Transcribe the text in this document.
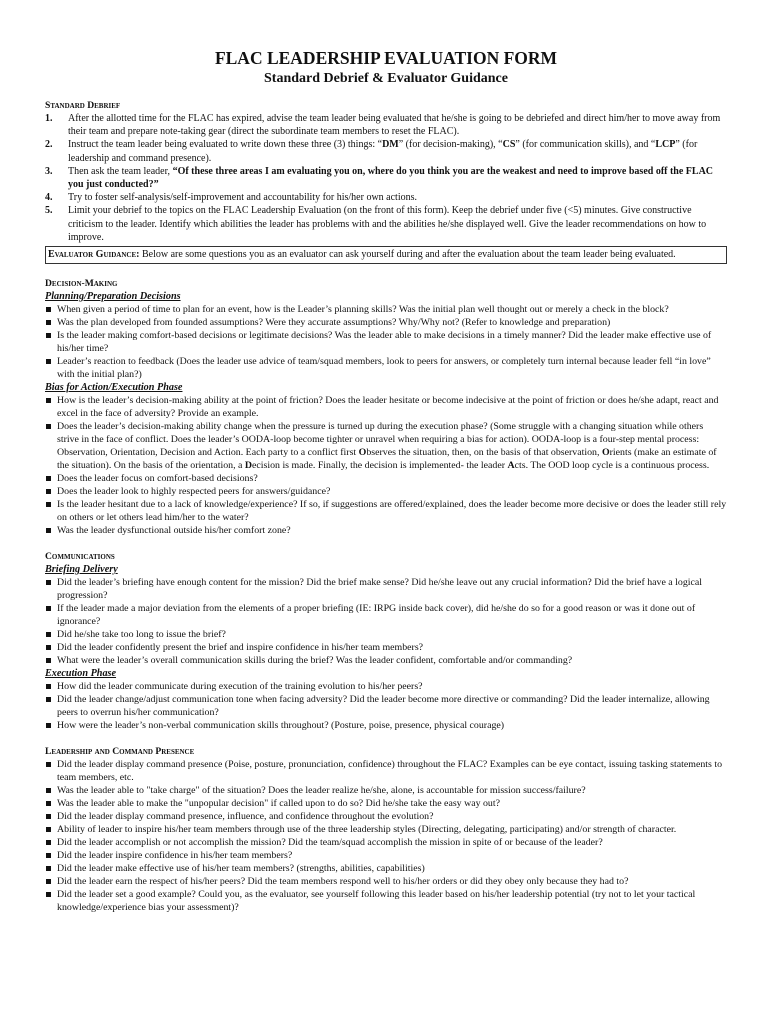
FLAC LEADERSHIP EVALUATION FORM
Standard Debrief & Evaluator Guidance
Standard Debrief
1. After the allotted time for the FLAC has expired, advise the team leader being evaluated that he/she is going to be debriefed and direct him/her to move away from their team and prepare note-taking gear (direct the subordinate team members to reset the FLAC).
2. Instruct the team leader being evaluated to write down these three (3) things: “DM” (for decision-making), “CS” (for communication skills), and “LCP” (for leadership and command presence).
3. Then ask the team leader, “Of these three areas I am evaluating you on, where do you think you are the weakest and need to improve based off the FLAC you just conducted?”
4. Try to foster self-analysis/self-improvement and accountability for his/her own actions.
5. Limit your debrief to the topics on the FLAC Leadership Evaluation (on the front of this form). Keep the debrief under five (<5) minutes. Give constructive criticism to the leader. Identify which abilities the leader has problems with and the abilities he/she displayed well. Give the leader recommendations on how to improve.
Evaluator Guidance: Below are some questions you as an evaluator can ask yourself during and after the evaluation about the team leader being evaluated.
Decision-Making
Planning/Preparation Decisions
When given a period of time to plan for an event, how is the Leader’s planning skills? Was the initial plan well thought out or merely a check in the block?
Was the plan developed from founded assumptions? Were they accurate assumptions? Why/Why not? (Refer to knowledge and preparation)
Is the leader making comfort-based decisions or legitimate decisions? Was the leader able to make decisions in a timely manner? Did the leader make effective use of his/her time?
Leader’s reaction to feedback (Does the leader use advice of team/squad members, look to peers for answers, or completely turn internal because leader fell “in love” with the initial plan?)
Bias for Action/Execution Phase
How is the leader’s decision-making ability at the point of friction? Does the leader hesitate or become indecisive at the point of friction or does he/she adapt, react and excel in the face of adversity? Provide an example.
Does the leader’s decision-making ability change when the pressure is turned up during the execution phase? (Some struggle with a changing situation while others strive in the face of conflict. Does the leader’s OODA-loop become tighter or unravel when requiring a bias for action). OODA-loop is a four-step mental process: Observation, Orientation, Decision and Action. Each party to a conflict first Observes the situation, then, on the basis of that observation, Orients (make an estimate of the situation). On the basis of the orientation, a Decision is made. Finally, the decision is implemented- the leader Acts. The OOD loop cycle is a continuous process.
Does the leader focus on comfort-based decisions?
Does the leader look to highly respected peers for answers/guidance?
Is the leader hesitant due to a lack of knowledge/experience? If so, if suggestions are offered/explained, does the leader become more decisive or does the leader still rely on others or let others lead him/her to the water?
Was the leader dysfunctional outside his/her comfort zone?
Communications
Briefing Delivery
Did the leader’s briefing have enough content for the mission? Did the brief make sense? Did he/she leave out any crucial information? Did the brief have a logical progression?
If the leader made a major deviation from the elements of a proper briefing (IE: IRPG inside back cover), did he/she do so for a good reason or was it done out of ignorance?
Did he/she take too long to issue the brief?
Did the leader confidently present the brief and inspire confidence in his/her team members?
What were the leader’s overall communication skills during the brief? Was the leader confident, comfortable and/or commanding?
Execution Phase
How did the leader communicate during execution of the training evolution to his/her peers?
Did the leader change/adjust communication tone when facing adversity? Did the leader become more directive or commanding? Did the leader internalize, allowing peers to overrun his/her communication?
How were the leader’s non-verbal communication skills throughout? (Posture, poise, presence, physical courage)
Leadership and Command Presence
Did the leader display command presence (Poise, posture, pronunciation, confidence) throughout the FLAC? Examples can be eye contact, issuing tasking statements to team members, etc.
Was the leader able to "take charge" of the situation? Does the leader realize he/she, alone, is accountable for mission success/failure?
Was the leader able to make the "unpopular decision" if called upon to do so? Did he/she take the easy way out?
Did the leader display command presence, influence, and confidence throughout the evolution?
Ability of leader to inspire his/her team members through use of the three leadership styles (Directing, delegating, participating) and/or strength of character.
Did the leader accomplish or not accomplish the mission? Did the team/squad accomplish the mission in spite of or because of the leader?
Did the leader inspire confidence in his/her team members?
Did the leader make effective use of his/her team members? (strengths, abilities, capabilities)
Did the leader earn the respect of his/her peers? Did the team members respond well to his/her orders or did they obey only because they had to?
Did the leader set a good example? Could you, as the evaluator, see yourself following this leader based on his/her leadership potential (try not to let your tactical knowledge/experience bias your assessment)?
